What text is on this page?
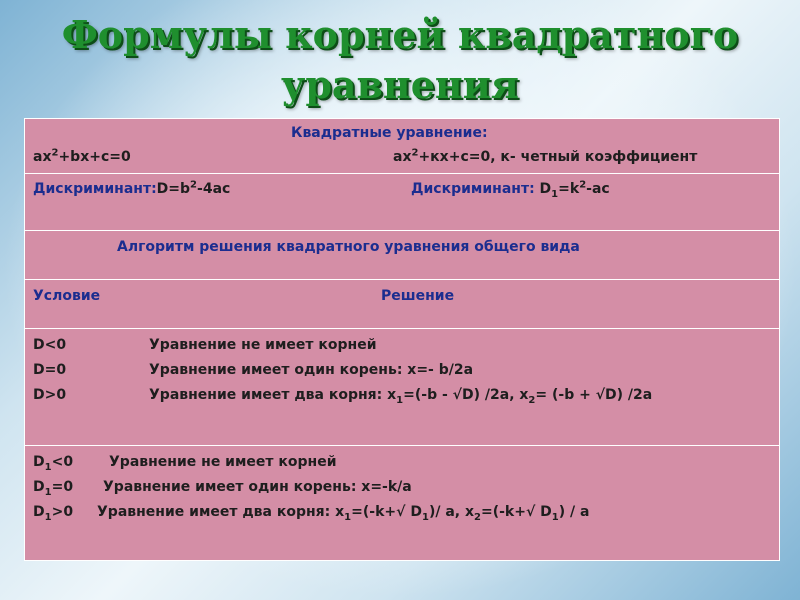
Формулы корней квадратного
уравнения
Квадратные уравнение:
$ax^2+bx+c=0$	$ax^2+кx+c=0$, к- четный коэффициент

$Дискриминант:D=b^2-4ac$	Дискриминант: $D_1=k^2-ac$

Алгоритм решения квадратного уравнения общего вида

Условие	Решение

D<0	Уравнение не имеет корней
D=0	Уравнение имеет один корень: x=- b/2a
D>0	Уравнение имеет два корня: $x_1=(-b - √D)$ /2a, $x_2= (-b + √D)$ /2a

$D_1<0$	Уравнение не имеет корней
$D_1=0$ Уравнение имеет один корень: x=-k/a
$D_1>0$ Уравнение имеет два корня: $x_1=(-k+√$ $D_1)/$ a, $x_2=(-k+√$ $D_1$) / a
